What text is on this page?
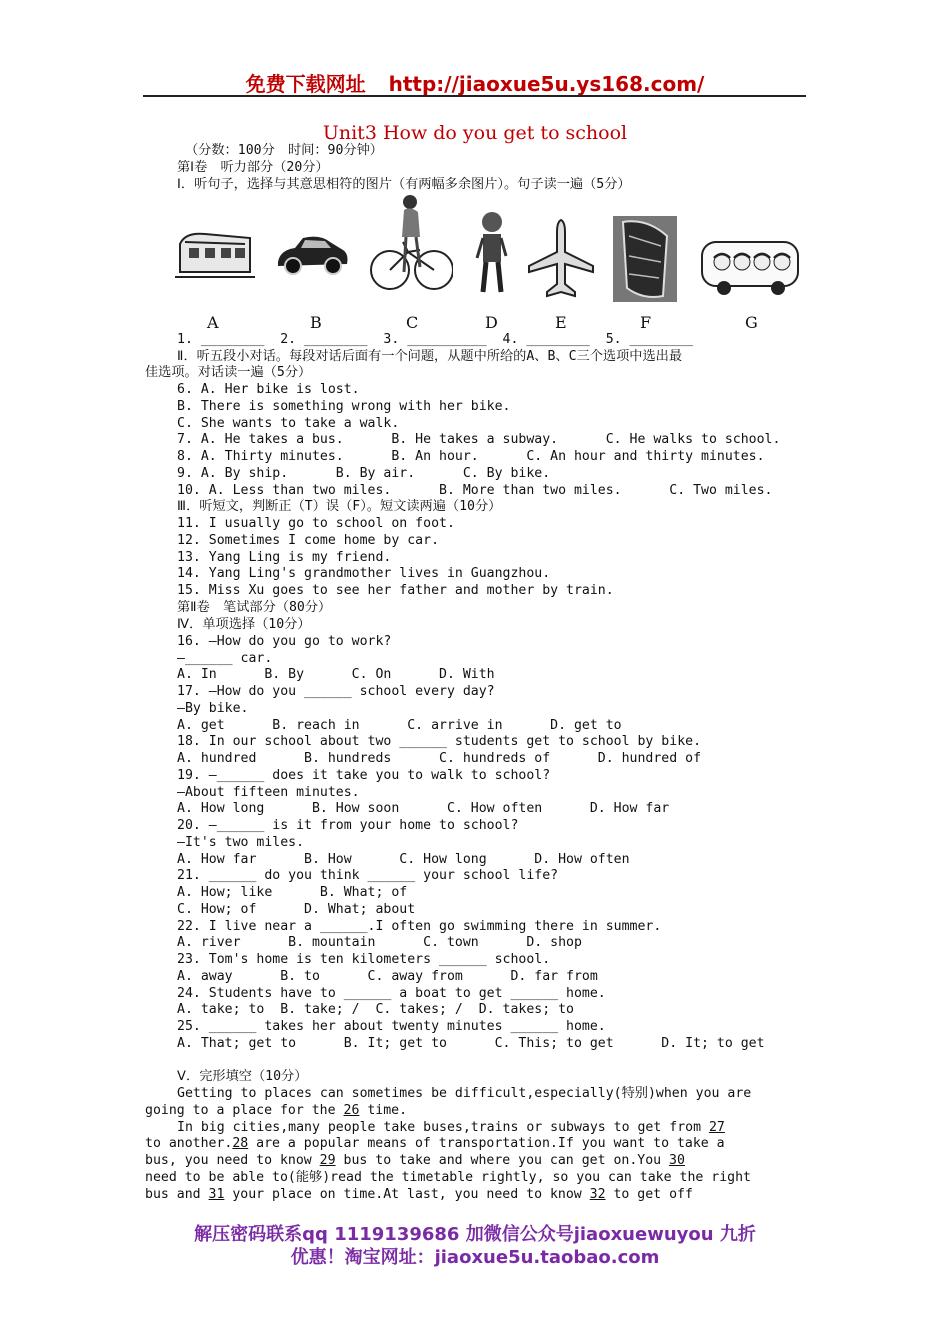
免费下载网址 http://jiaoxue5u.ys168.com/
Unit3 How do you get to school
（分数：100分　时间：90分钟）
第Ⅰ卷　听力部分（20分）
Ⅰ．听句子，选择与其意思相符的图片（有两幅多余图片）。句子读一遍（5分）
A	B	C	D	E	F	G
1. ________  2. ________  3. __________  4. ________  5. ________
Ⅱ．听五段小对话。每段对话后面有一个问题，从题中所给的A、B、C三个选项中选出最
佳选项。对话读一遍（5分）
6. A. Her bike is lost.
B. There is something wrong with her bike.
C. She wants to take a walk.
7. A. He takes a bus.      B. He takes a subway.      C. He walks to school.
8. A. Thirty minutes.      B. An hour.      C. An hour and thirty minutes.
9. A. By ship.      B. By air.      C. By bike.
10. A. Less than two miles.      B. More than two miles.      C. Two miles.
Ⅲ．听短文，判断正（T）误（F）。短文读两遍（10分）
11. I usually go to school on foot.
12. Sometimes I come home by car.
13. Yang Ling is my friend.
14. Yang Ling's grandmother lives in Guangzhou.
15. Miss Xu goes to see her father and mother by train.
第Ⅱ卷　笔试部分（80分）
Ⅳ．单项选择（10分）
16. —How do you go to work?
—______ car.
A. In      B. By      C. On      D. With
17. —How do you ______ school every day?
—By bike.
A. get      B. reach in      C. arrive in      D. get to
18. In our school about two ______ students get to school by bike.
A. hundred      B. hundreds      C. hundreds of      D. hundred of
19. —______ does it take you to walk to school?
—About fifteen minutes.
A. How long      B. How soon      C. How often      D. How far
20. —______ is it from your home to school?
—It's two miles.
A. How far      B. How      C. How long      D. How often
21. ______ do you think ______ your school life?
A. How; like      B. What; of
C. How; of      D. What; about
22. I live near a ______.I often go swimming there in summer.
A. river      B. mountain      C. town      D. shop
23. Tom's home is ten kilometers ______ school.
A. away      B. to      C. away from      D. far from
24. Students have to ______ a boat to get ______ home.
A. take; to  B. take; /  C. takes; /  D. takes; to
25. ______ takes her about twenty minutes ______ home.
A. That; get to      B. It; get to      C. This; to get      D. It; to get
Ⅴ．完形填空（10分）
Getting to places can sometimes be difficult,especially(特别)when you are
going to a place for the 26 time.
In big cities,many people take buses,trains or subways to get from 27
to another.28 are a popular means of transportation.If you want to take a
bus, you need to know 29 bus to take and where you can get on.You 30
need to be able to(能够)read the timetable rightly, so you can take the right
bus and 31 your place on time.At last, you need to know 32 to get off
解压密码联系qq 1119139686 加微信公众号jiaoxuewuyou 九折
优惠！淘宝网址：jiaoxue5u.taobao.com
